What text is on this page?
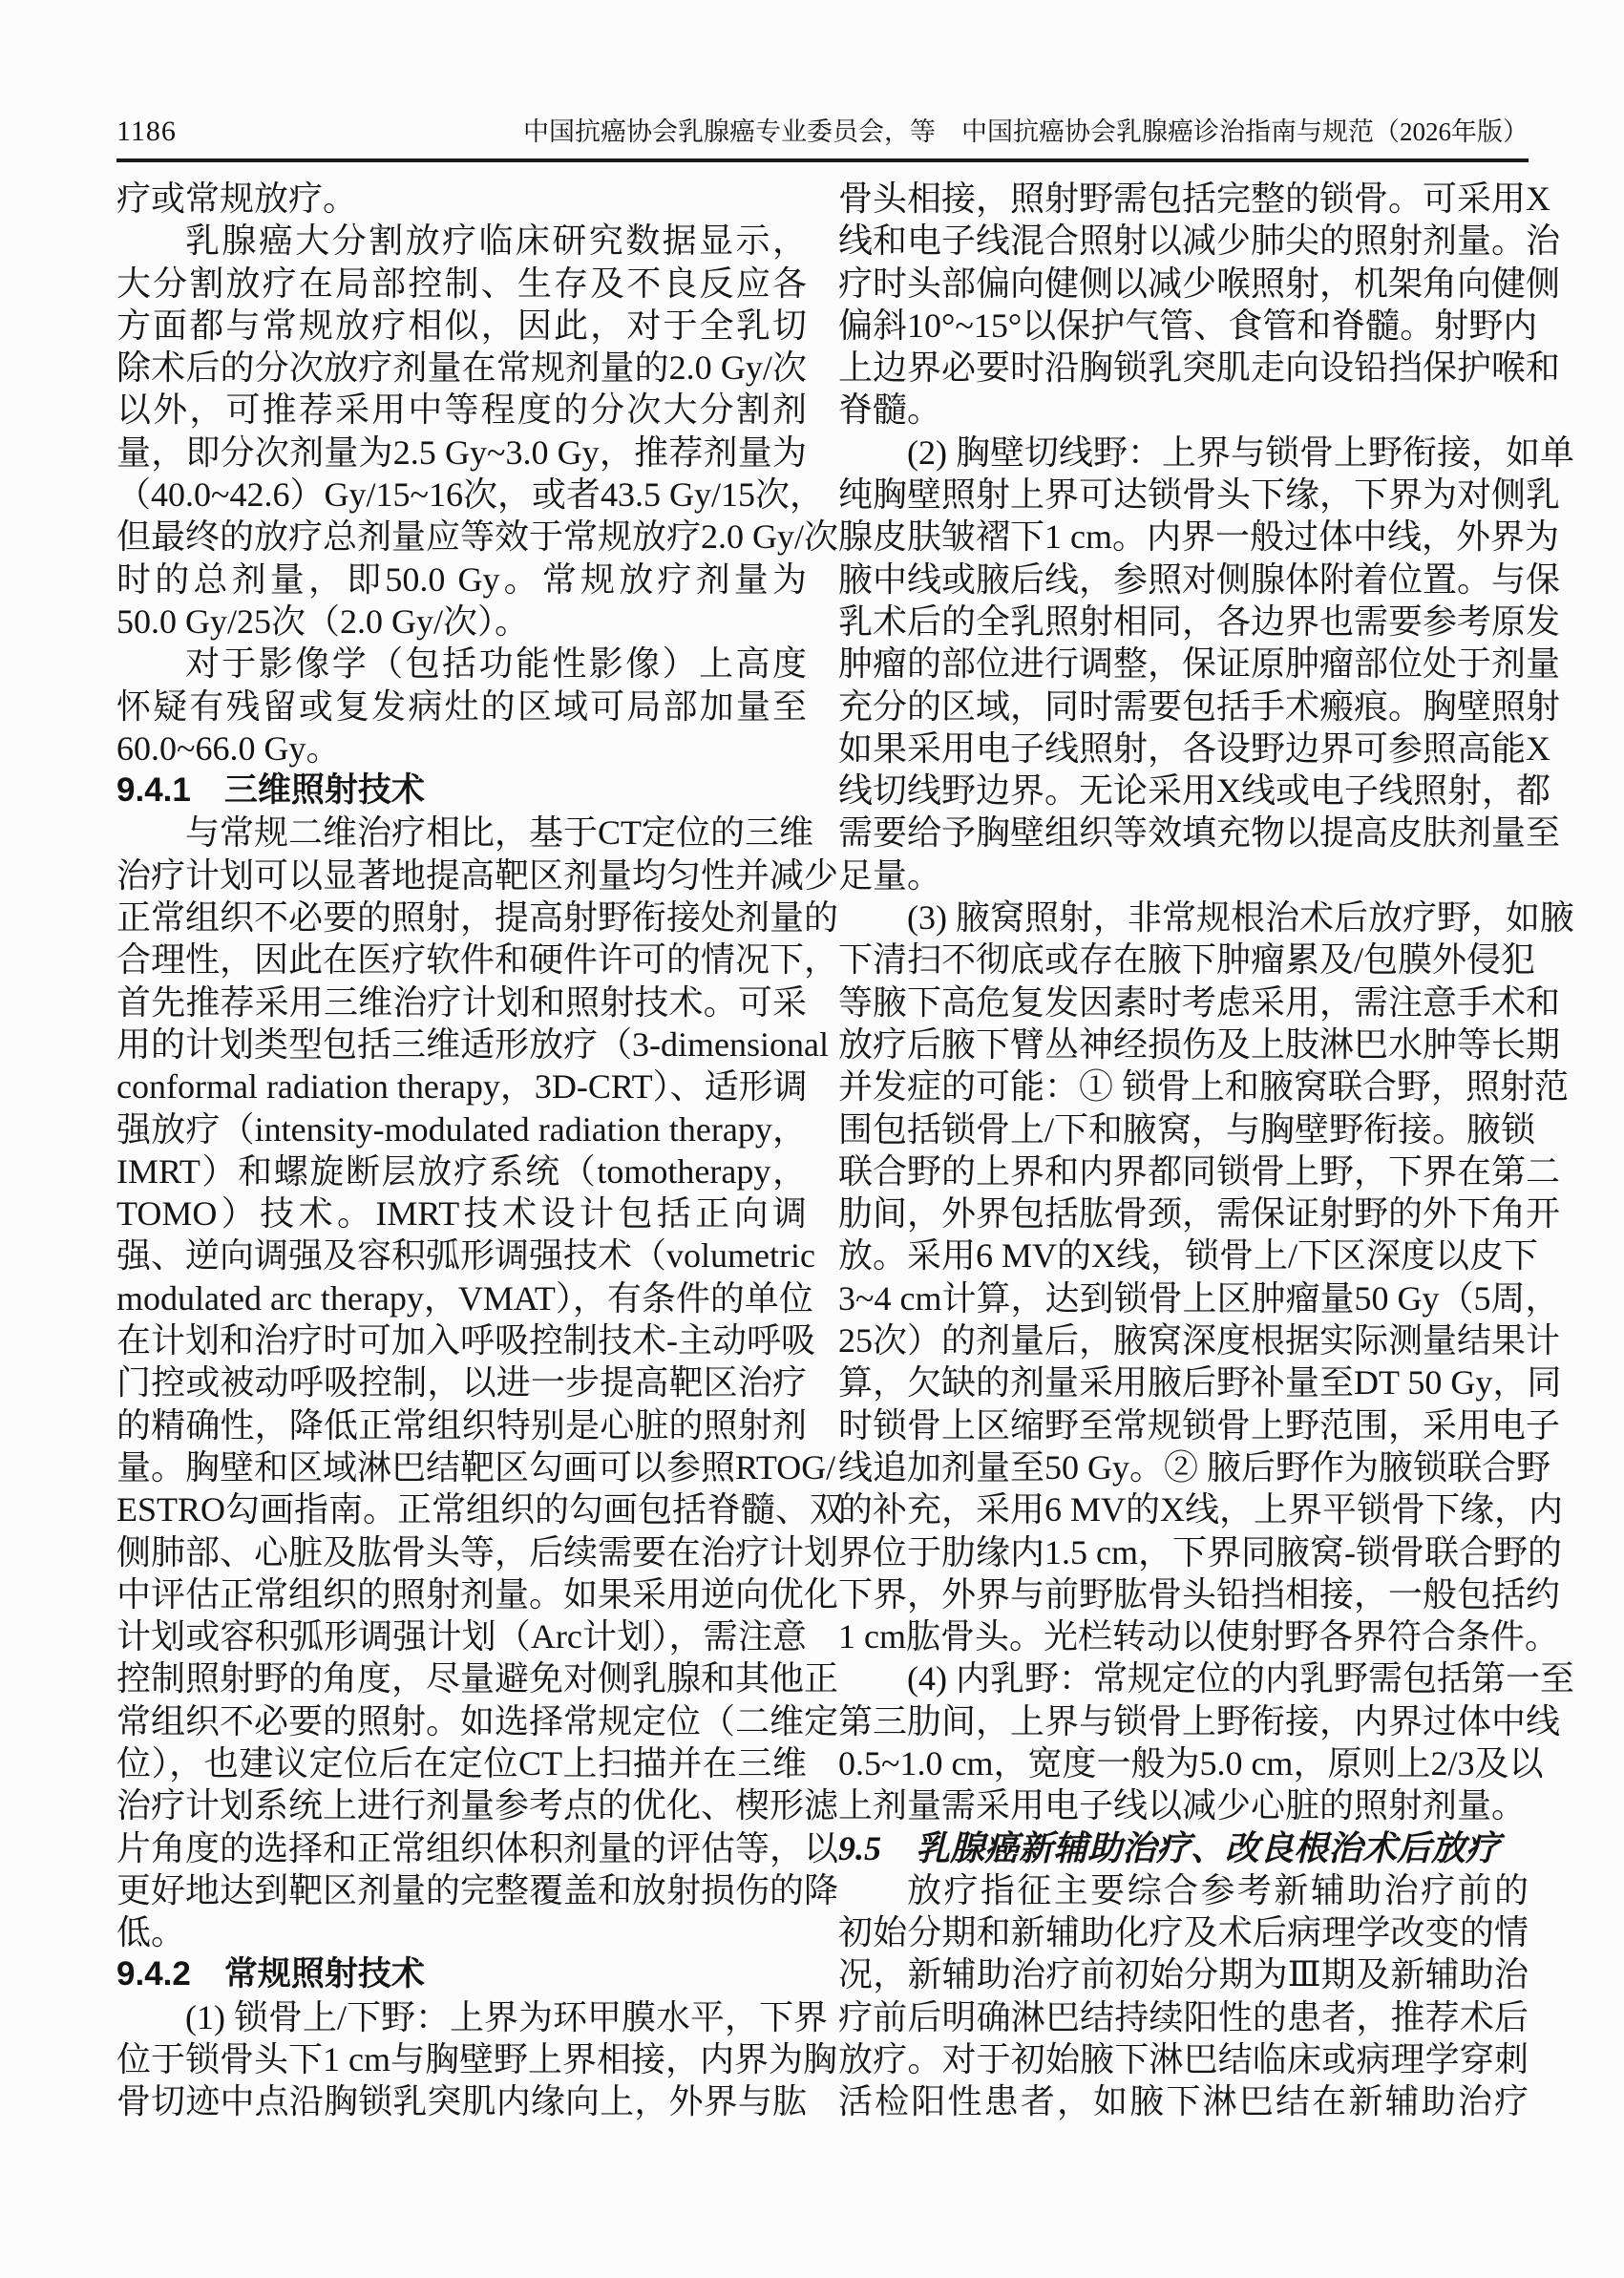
1186	中国抗癌协会乳腺癌专业委员会，等　中国抗癌协会乳腺癌诊治指南与规范（2026年版）
疗或常规放疗。
乳腺癌大分割放疗临床研究数据显示，
大分割放疗在局部控制、生存及不良反应各
方面都与常规放疗相似，因此，对于全乳切
除术后的分次放疗剂量在常规剂量的2.0 Gy/次
以外，可推荐采用中等程度的分次大分割剂
量，即分次剂量为2.5 Gy~3.0 Gy，推荐剂量为
（40.0~42.6）Gy/15~16次，或者43.5 Gy/15次，
但最终的放疗总剂量应等效于常规放疗2.0 Gy/次
时的总剂量，即50.0 Gy。常规放疗剂量为
50.0 Gy/25次（2.0 Gy/次）。
对于影像学（包括功能性影像）上高度
怀疑有残留或复发病灶的区域可局部加量至
60.0~66.0 Gy。
9.4.1　三维照射技术
与常规二维治疗相比，基于CT定位的三维
治疗计划可以显著地提高靶区剂量均匀性并减少
正常组织不必要的照射，提高射野衔接处剂量的
合理性，因此在医疗软件和硬件许可的情况下，
首先推荐采用三维治疗计划和照射技术。可采
用的计划类型包括三维适形放疗（3-dimensional
conformal radiation therapy，3D-CRT）、适形调
强放疗（intensity-modulated radiation therapy，
IMRT）和螺旋断层放疗系统（tomotherapy，
TOMO）技术。IMRT技术设计包括正向调
强、逆向调强及容积弧形调强技术（volumetric
modulated arc therapy，VMAT），有条件的单位
在计划和治疗时可加入呼吸控制技术-主动呼吸
门控或被动呼吸控制，以进一步提高靶区治疗
的精确性，降低正常组织特别是心脏的照射剂
量。胸壁和区域淋巴结靶区勾画可以参照RTOG/
ESTRO勾画指南。正常组织的勾画包括脊髓、双
侧肺部、心脏及肱骨头等，后续需要在治疗计划
中评估正常组织的照射剂量。如果采用逆向优化
计划或容积弧形调强计划（Arc计划），需注意
控制照射野的角度，尽量避免对侧乳腺和其他正
常组织不必要的照射。如选择常规定位（二维定
位），也建议定位后在定位CT上扫描并在三维
治疗计划系统上进行剂量参考点的优化、楔形滤
片角度的选择和正常组织体积剂量的评估等，以
更好地达到靶区剂量的完整覆盖和放射损伤的降
低。
9.4.2　常规照射技术
(1) 锁骨上/下野：上界为环甲膜水平，下界
位于锁骨头下1 cm与胸壁野上界相接，内界为胸
骨切迹中点沿胸锁乳突肌内缘向上，外界与肱
骨头相接，照射野需包括完整的锁骨。可采用X
线和电子线混合照射以减少肺尖的照射剂量。治
疗时头部偏向健侧以减少喉照射，机架角向健侧
偏斜10°~15°以保护气管、食管和脊髓。射野内
上边界必要时沿胸锁乳突肌走向设铅挡保护喉和
脊髓。
(2) 胸壁切线野：上界与锁骨上野衔接，如单
纯胸壁照射上界可达锁骨头下缘，下界为对侧乳
腺皮肤皱褶下1 cm。内界一般过体中线，外界为
腋中线或腋后线，参照对侧腺体附着位置。与保
乳术后的全乳照射相同，各边界也需要参考原发
肿瘤的部位进行调整，保证原肿瘤部位处于剂量
充分的区域，同时需要包括手术瘢痕。胸壁照射
如果采用电子线照射，各设野边界可参照高能X
线切线野边界。无论采用X线或电子线照射，都
需要给予胸壁组织等效填充物以提高皮肤剂量至
足量。
(3) 腋窝照射，非常规根治术后放疗野，如腋
下清扫不彻底或存在腋下肿瘤累及/包膜外侵犯
等腋下高危复发因素时考虑采用，需注意手术和
放疗后腋下臂丛神经损伤及上肢淋巴水肿等长期
并发症的可能：① 锁骨上和腋窝联合野，照射范
围包括锁骨上/下和腋窝，与胸壁野衔接。腋锁
联合野的上界和内界都同锁骨上野，下界在第二
肋间，外界包括肱骨颈，需保证射野的外下角开
放。采用6 MV的X线，锁骨上/下区深度以皮下
3~4 cm计算，达到锁骨上区肿瘤量50 Gy（5周，
25次）的剂量后，腋窝深度根据实际测量结果计
算，欠缺的剂量采用腋后野补量至DT 50 Gy，同
时锁骨上区缩野至常规锁骨上野范围，采用电子
线追加剂量至50 Gy。② 腋后野作为腋锁联合野
的补充，采用6 MV的X线，上界平锁骨下缘，内
界位于肋缘内1.5 cm，下界同腋窝-锁骨联合野的
下界，外界与前野肱骨头铅挡相接，一般包括约
1 cm肱骨头。光栏转动以使射野各界符合条件。
(4) 内乳野：常规定位的内乳野需包括第一至
第三肋间，上界与锁骨上野衔接，内界过体中线
0.5~1.0 cm，宽度一般为5.0 cm，原则上2/3及以
上剂量需采用电子线以减少心脏的照射剂量。
9.5　乳腺癌新辅助治疗、改良根治术后放疗
放疗指征主要综合参考新辅助治疗前的
初始分期和新辅助化疗及术后病理学改变的情
况，新辅助治疗前初始分期为Ⅲ期及新辅助治
疗前后明确淋巴结持续阳性的患者，推荐术后
放疗。对于初始腋下淋巴结临床或病理学穿刺
活检阳性患者，如腋下淋巴结在新辅助治疗
